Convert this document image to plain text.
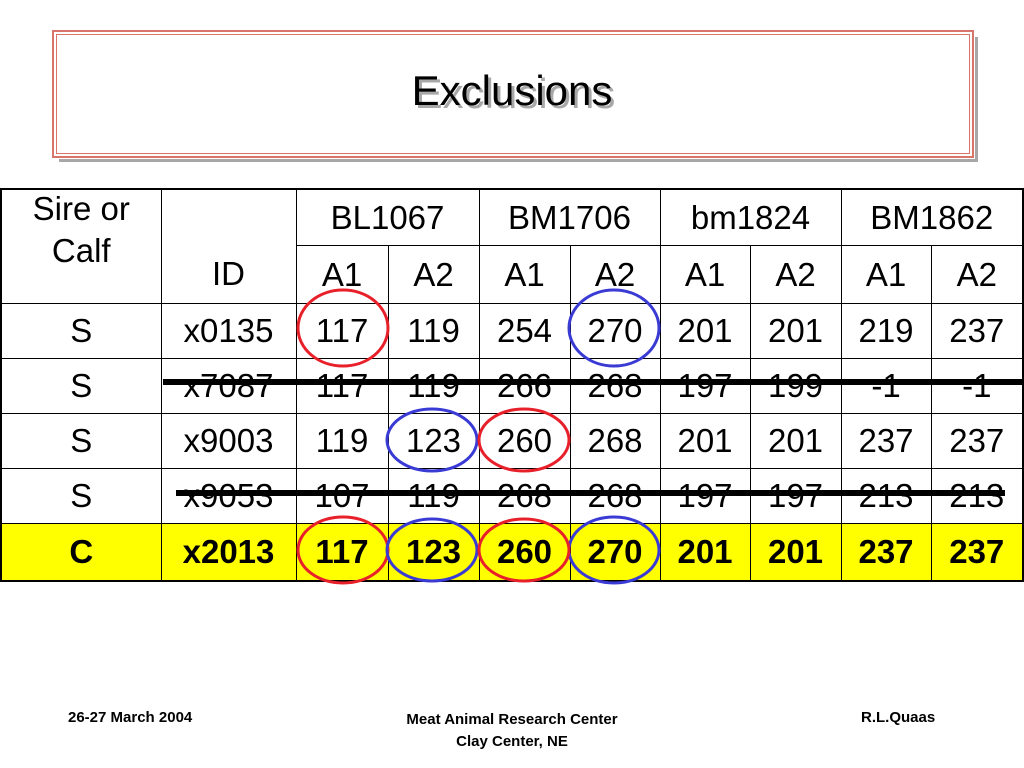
Exclusions
Sire or
Calf		BL1067		BM1706		bm1824		BM1862	
	ID	A1	A2	A1	A2	A1	A2	A1	A2
S	x0135	117	119	254	270	201	201	219	237
S	x7087	117	119	266	268	197	199	-1	-1
S	x9003	119	123	260	268	201	201	237	237
S	x9053	107	119	268	268	197	197	213	213
C	x2013	117	123	260	270	201	201	237	237
26-27 March 2004	Meat Animal Research Center
Clay Center, NE
R.L.Quaas
